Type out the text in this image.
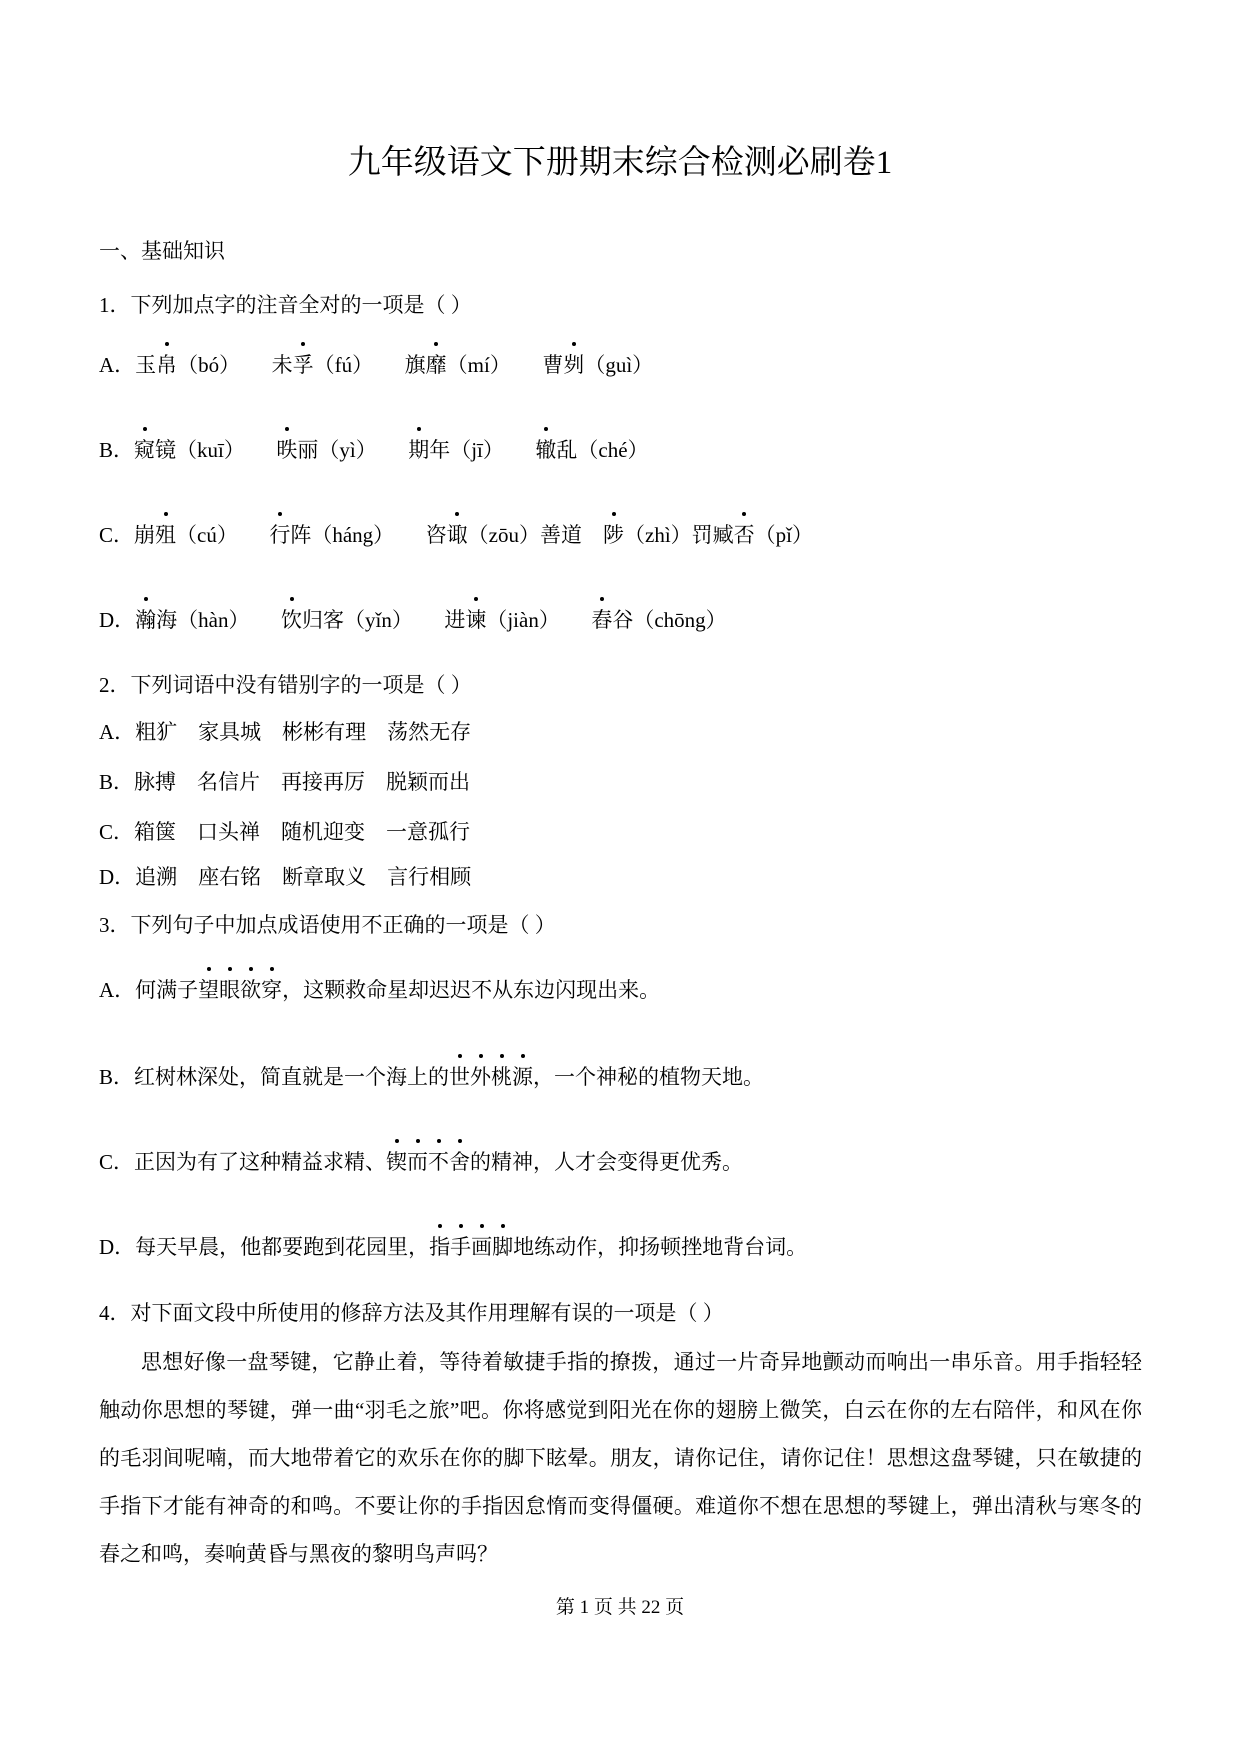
九年级语文下册期末综合检测必刷卷1
一、基础知识
1．下列加点字的注音全对的一项是（ ）
A．玉帛（bó）　　未孚（fú）　　旗靡（mí）　　曹刿（guì）
B．窥镜（kuī）　　昳丽（yì）　　期年（jī）　　辙乱（ché）
C．崩殂（cú）　　行阵（háng）　　咨诹（zōu）善道　陟（zhì）罚臧否（pǐ）
D．瀚海（hàn）　　饮归客（yǐn）　　进谏（jiàn）　　舂谷（chōng）
2．下列词语中没有错别字的一项是（ ）
A．粗犷　家具城　彬彬有理　荡然无存
B．脉搏　名信片　再接再厉　脱颖而出
C．箱箧　口头禅　随机迎变　一意孤行
D．追溯　座右铭　断章取义　言行相顾
3．下列句子中加点成语使用不正确的一项是（ ）
A．何满子望眼欲穿，这颗救命星却迟迟不从东边闪现出来。
B．红树林深处，简直就是一个海上的世外桃源，一个神秘的植物天地。
C．正因为有了这种精益求精、锲而不舍的精神，人才会变得更优秀。
D．每天早晨，他都要跑到花园里，指手画脚地练动作，抑扬顿挫地背台词。
4．对下面文段中所使用的修辞方法及其作用理解有误的一项是（ ）
思想好像一盘琴键，它静止着，等待着敏捷手指的撩拨，通过一片奇异地颤动而响出一串乐音。用手指轻轻触动你思想的琴键，弹一曲“羽毛之旅”吧。你将感觉到阳光在你的翅膀上微笑，白云在你的左右陪伴，和风在你的毛羽间呢喃，而大地带着它的欢乐在你的脚下眩晕。朋友，请你记住，请你记住！思想这盘琴键，只在敏捷的手指下才能有神奇的和鸣。不要让你的手指因怠惰而变得僵硬。难道你不想在思想的琴键上，弹出清秋与寒冬的春之和鸣，奏响黄昏与黑夜的黎明鸟声吗？
第 1 页 共 22 页
